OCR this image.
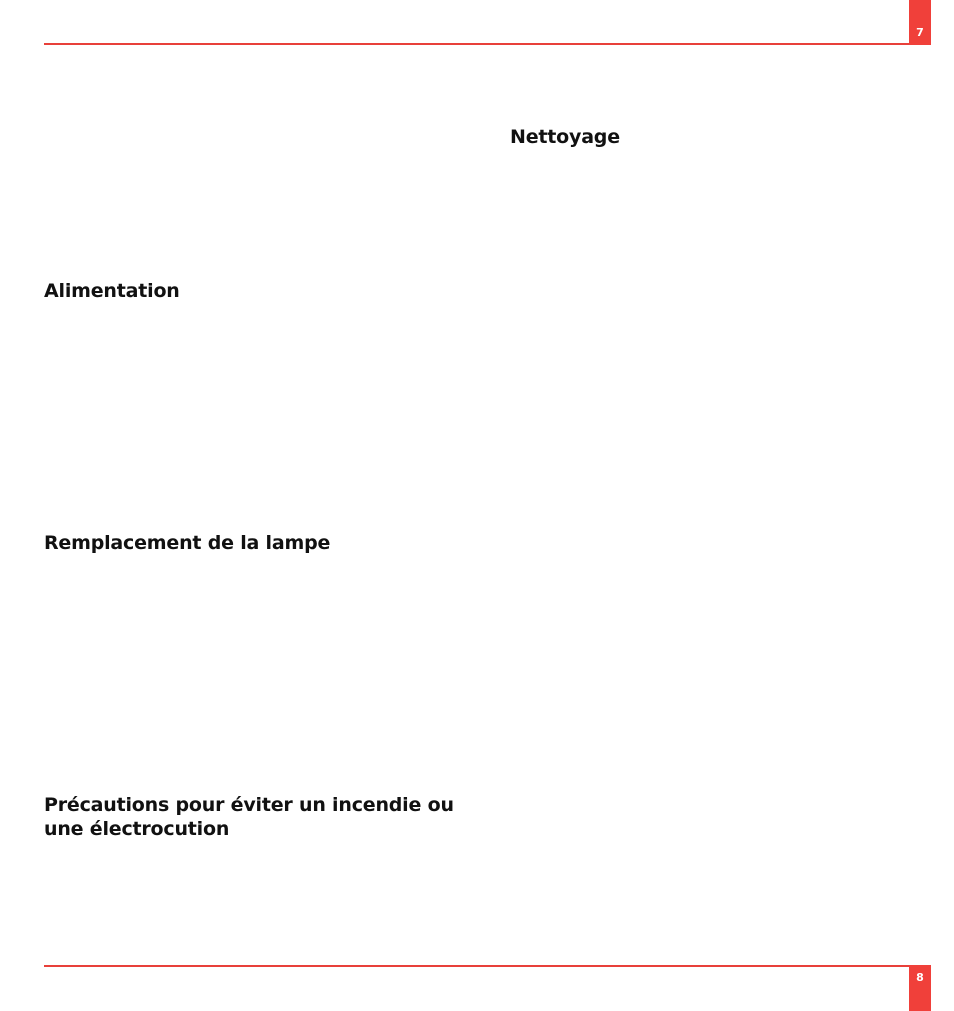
7
Nettoyage
Alimentation
Remplacement de la lampe
Précautions pour éviter un incendie ou
une électrocution
8
